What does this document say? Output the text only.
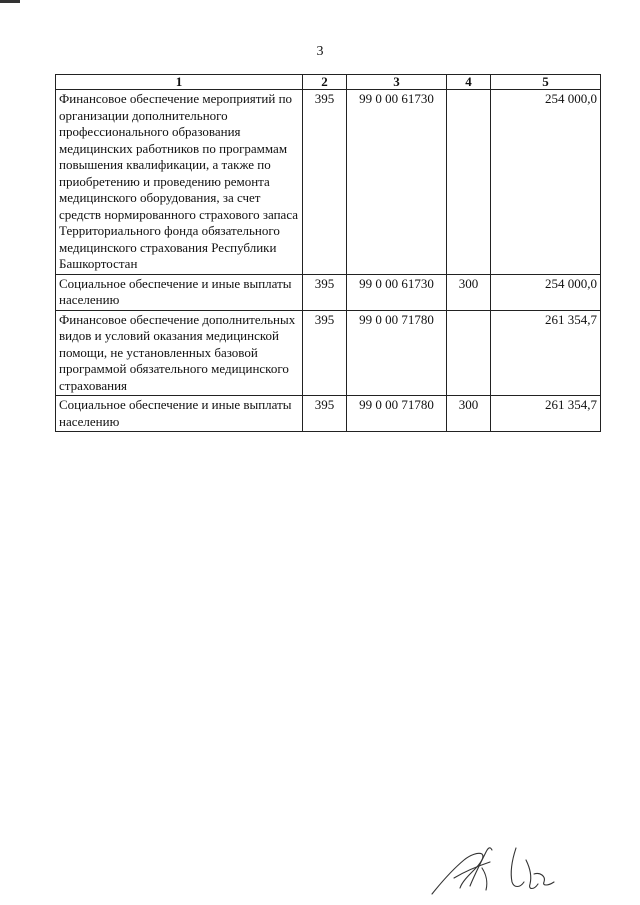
3
1	2	3	4	5
Финансовое обеспечение мероприятий по организации дополнительного профессионального образования медицинских работников по программам повышения квалификации, а также по приобретению и проведению ремонта медицинского оборудования, за счет средств нормированного страхового запаса Территориального фонда обязательного медицинского страхования Республики Башкортостан	395	99 0 00 61730		254 000,0
Социальное обеспечение и иные выплаты населению	395	99 0 00 61730	300	254 000,0
Финансовое обеспечение дополнительных видов и условий оказания медицинской помощи, не установленных базовой программой обязательного медицинского страхования	395	99 0 00 71780		261 354,7
Социальное обеспечение и иные выплаты населению	395	99 0 00 71780	300	261 354,7
